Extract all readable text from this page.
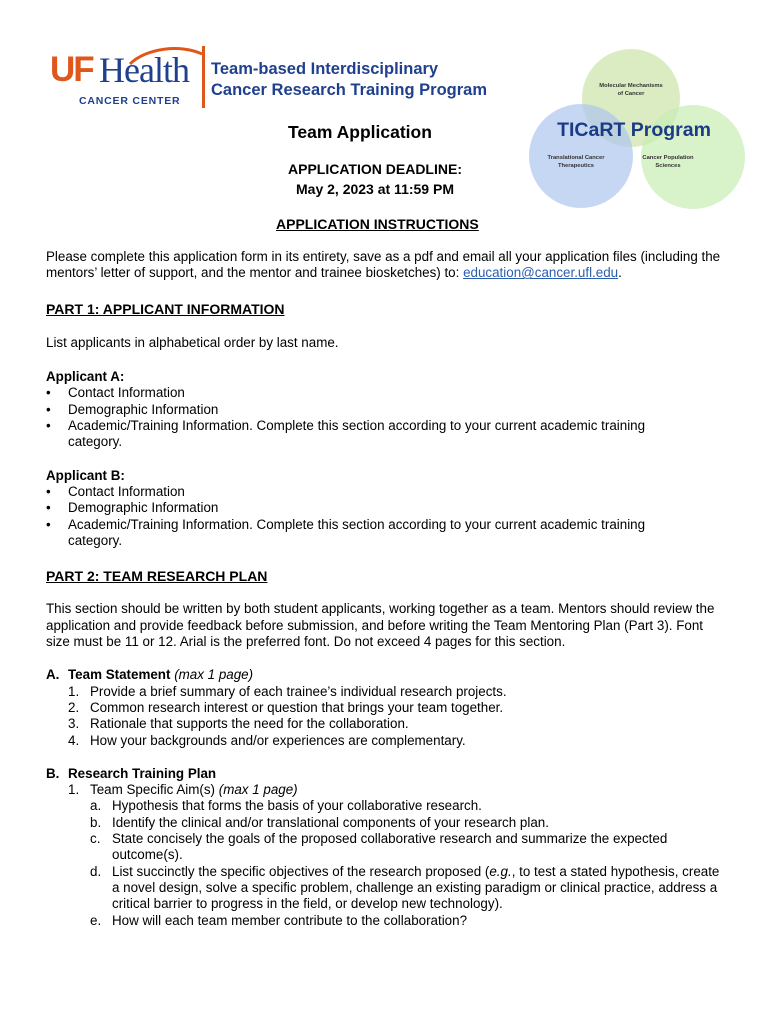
UF Health
CANCER CENTER
Team-based Interdisciplinary
Cancer Research Training Program	Molecular Mechanisms
of Cancer
TICaRT Program
Translational Cancer
Therapeutics
Cancer Population
Sciences
Team Application
APPLICATION DEADLINE:
May 2, 2023 at 11:59 PM
APPLICATION INSTRUCTIONS

Please complete this application form in its entirety, save as a pdf and email all your application files (including the mentors’ letter of support, and the mentor and trainee biosketches) to: education@cancer.ufl.edu.

PART 1: APPLICANT INFORMATION

List applicants in alphabetical order by last name.

Applicant A:

•	Contact Information
•	Demographic Information
•	Academic/Training Information. Complete this section according to your current academic training category.

Applicant B:

•	Contact Information
•	Demographic Information
•	Academic/Training Information. Complete this section according to your current academic training category.

PART 2: TEAM RESEARCH PLAN

This section should be written by both student applicants, working together as a team. Mentors should review the application and provide feedback before submission, and before writing the Team Mentoring Plan (Part 3). Font size must be 11 or 12. Arial is the preferred font. Do not exceed 4 pages for this section.

A. Team Statement (max 1 page)
1. Provide a brief summary of each trainee’s individual research projects.
2. Common research interest or question that brings your team together.
3. Rationale that supports the need for the collaboration.
4. How your backgrounds and/or experiences are complementary.
B. Research Training Plan
1. Team Specific Aim(s) (max 1 page)
a. Hypothesis that forms the basis of your collaborative research.
b. Identify the clinical and/or translational components of your research plan.
c. State concisely the goals of the proposed collaborative research and summarize the expected outcome(s).
d. List succinctly the specific objectives of the research proposed (e.g., to test a stated hypothesis, create a novel design, solve a specific problem, challenge an existing paradigm or clinical practice, address a critical barrier to progress in the field, or develop new technology).
e. How will each team member contribute to the collaboration?
